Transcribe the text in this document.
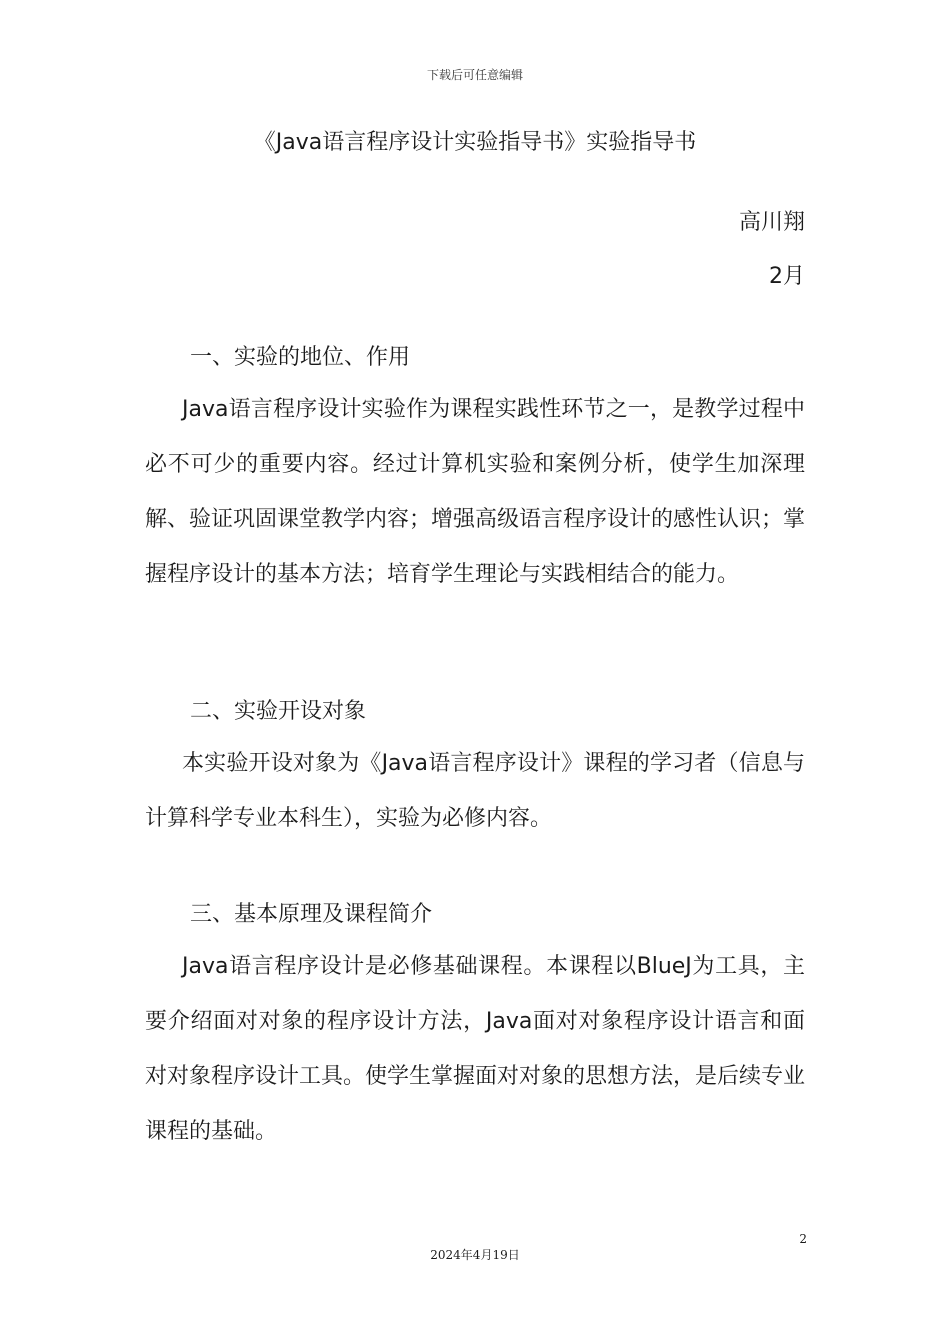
下载后可任意编辑
《Java语言程序设计实验指导书》实验指导书
高川翔
2月
一、实验的地位、作用

Java语言程序设计实验作为课程实践性环节之一，是教学过程中必不可少的重要内容。经过计算机实验和案例分析，使学生加深理解、验证巩固课堂教学内容；增强高级语言程序设计的感性认识；掌握程序设计的基本方法；培育学生理论与实践相结合的能力。

二、实验开设对象

本实验开设对象为《Java语言程序设计》课程的学习者（信息与计算科学专业本科生），实验为必修内容。

三、基本原理及课程简介

Java语言程序设计是必修基础课程。本课程以BlueJ为工具，主要介绍面对对象的程序设计方法，Java面对对象程序设计语言和面对对象程序设计工具。使学生掌握面对对象的思想方法，是后续专业课程的基础。

2
2024年4月19日
